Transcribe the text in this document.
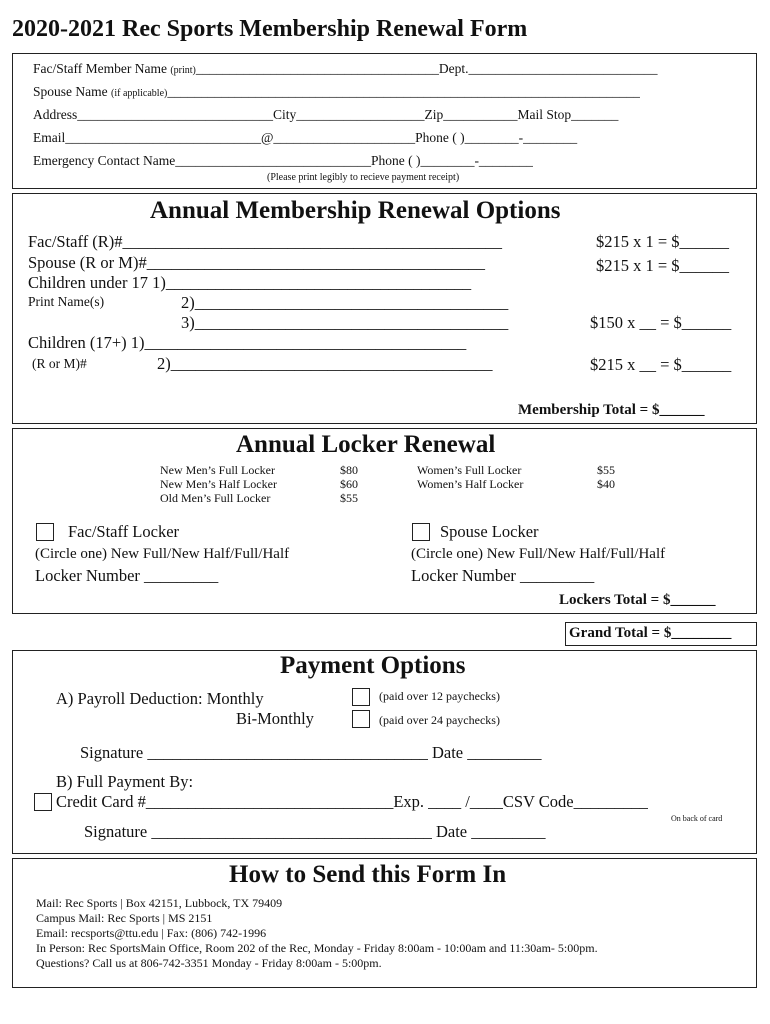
2020-2021 Rec Sports Membership Renewal Form
Fac/Staff Member Name (print)____________________________________Dept.____________________________
Spouse Name (if applicable)______________________________________________________________________
Address_____________________________City___________________Zip___________Mail Stop_______
Email_____________________________@_____________________Phone ( )________-________
Emergency Contact Name_____________________________Phone ( )________-________
(Please print legibly to recieve payment receipt)
Annual Membership Renewal Options
Fac/Staff (R)#______________________________________________	$215 x 1 = $______
Spouse (R or M)#_________________________________________	$215 x 1 = $______
Children under 17 1)_____________________________________
Print Name(s)	2)______________________________________
3)______________________________________	$150 x __ = $______
Children (17+) 1)_______________________________________
(R or M)#	2)_______________________________________	$215 x __ = $______
Membership Total = $______
Annual Locker Renewal
New Men’s Full Locker	$80
New Men’s Half Locker	$60
Old Men’s Full Locker	$55
Women’s Full Locker	$55
Women’s Half Locker	$40
Fac/Staff Locker	Spouse Locker
(Circle one) New Full/New Half/Full/Half	(Circle one) New Full/New Half/Full/Half
Locker Number _________	Locker Number _________
Lockers Total = $______
Grand Total = $________
Payment Options
A) Payroll Deduction: Monthly	(paid over 12 paychecks)
Bi-Monthly	(paid over 24 paychecks)
Signature __________________________________ Date _________
B) Full Payment By:
Credit Card #______________________________Exp. ____ /____CSV Code_________
On back of card
Signature __________________________________ Date _________
How to Send this Form In
Mail: Rec Sports | Box 42151, Lubbock, TX 79409
Campus Mail: Rec Sports | MS 2151
Email: recsports@ttu.edu | Fax: (806) 742-1996
In Person: Rec SportsMain Office, Room 202 of the Rec, Monday - Friday 8:00am - 10:00am and 11:30am- 5:00pm.
Questions? Call us at 806-742-3351 Monday - Friday 8:00am - 5:00pm.
